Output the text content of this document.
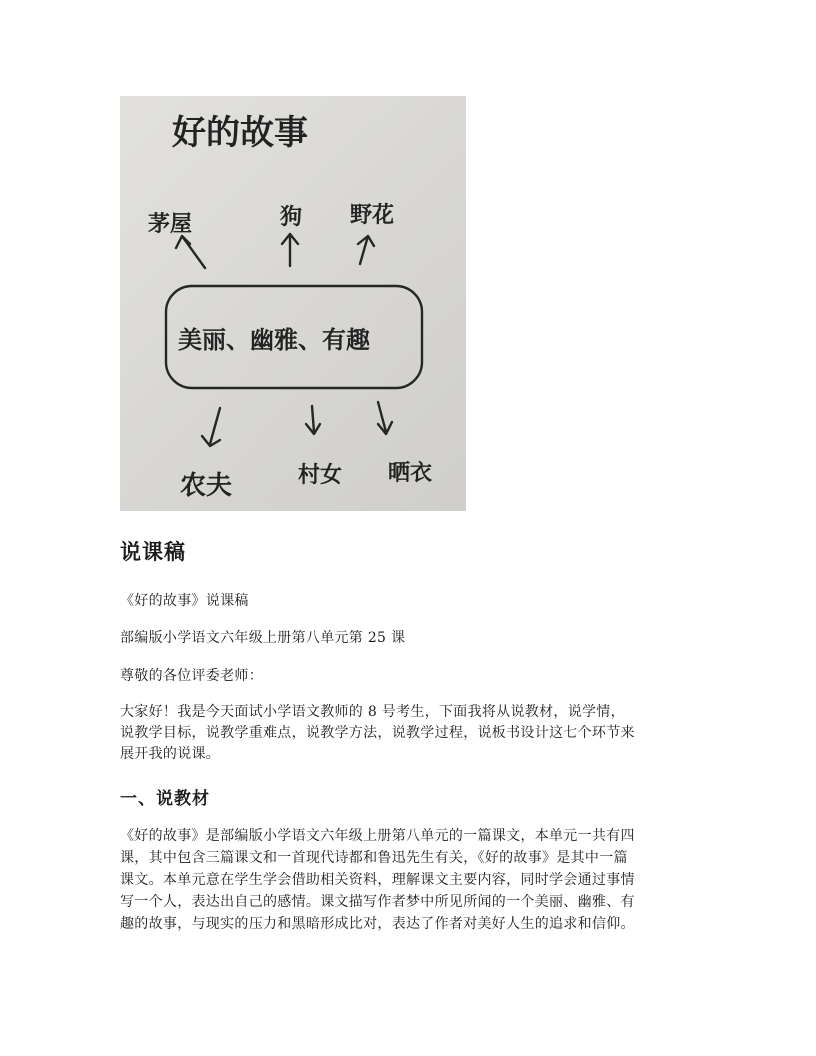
好的故事
茅屋	狗 野花
美丽、幽雅、有趣
农夫	村女 晒衣
说课稿
《好的故事》说课稿
部编版小学语文六年级上册第八单元第 25 课
尊敬的各位评委老师：
大家好！我是今天面试小学语文教师的 8 号考生，下面我将从说教材，说学情，
说教学目标，说教学重难点，说教学方法，说教学过程，说板书设计这七个环节来
展开我的说课。
一、说教材
《好的故事》是部编版小学语文六年级上册第八单元的一篇课文，本单元一共有四
课，其中包含三篇课文和一首现代诗都和鲁迅先生有关，《好的故事》是其中一篇
课文。本单元意在学生学会借助相关资料，理解课文主要内容，同时学会通过事情
写一个人，表达出自己的感情。课文描写作者梦中所见所闻的一个美丽、幽雅、有
趣的故事，与现实的压力和黑暗形成比对，表达了作者对美好人生的追求和信仰。
